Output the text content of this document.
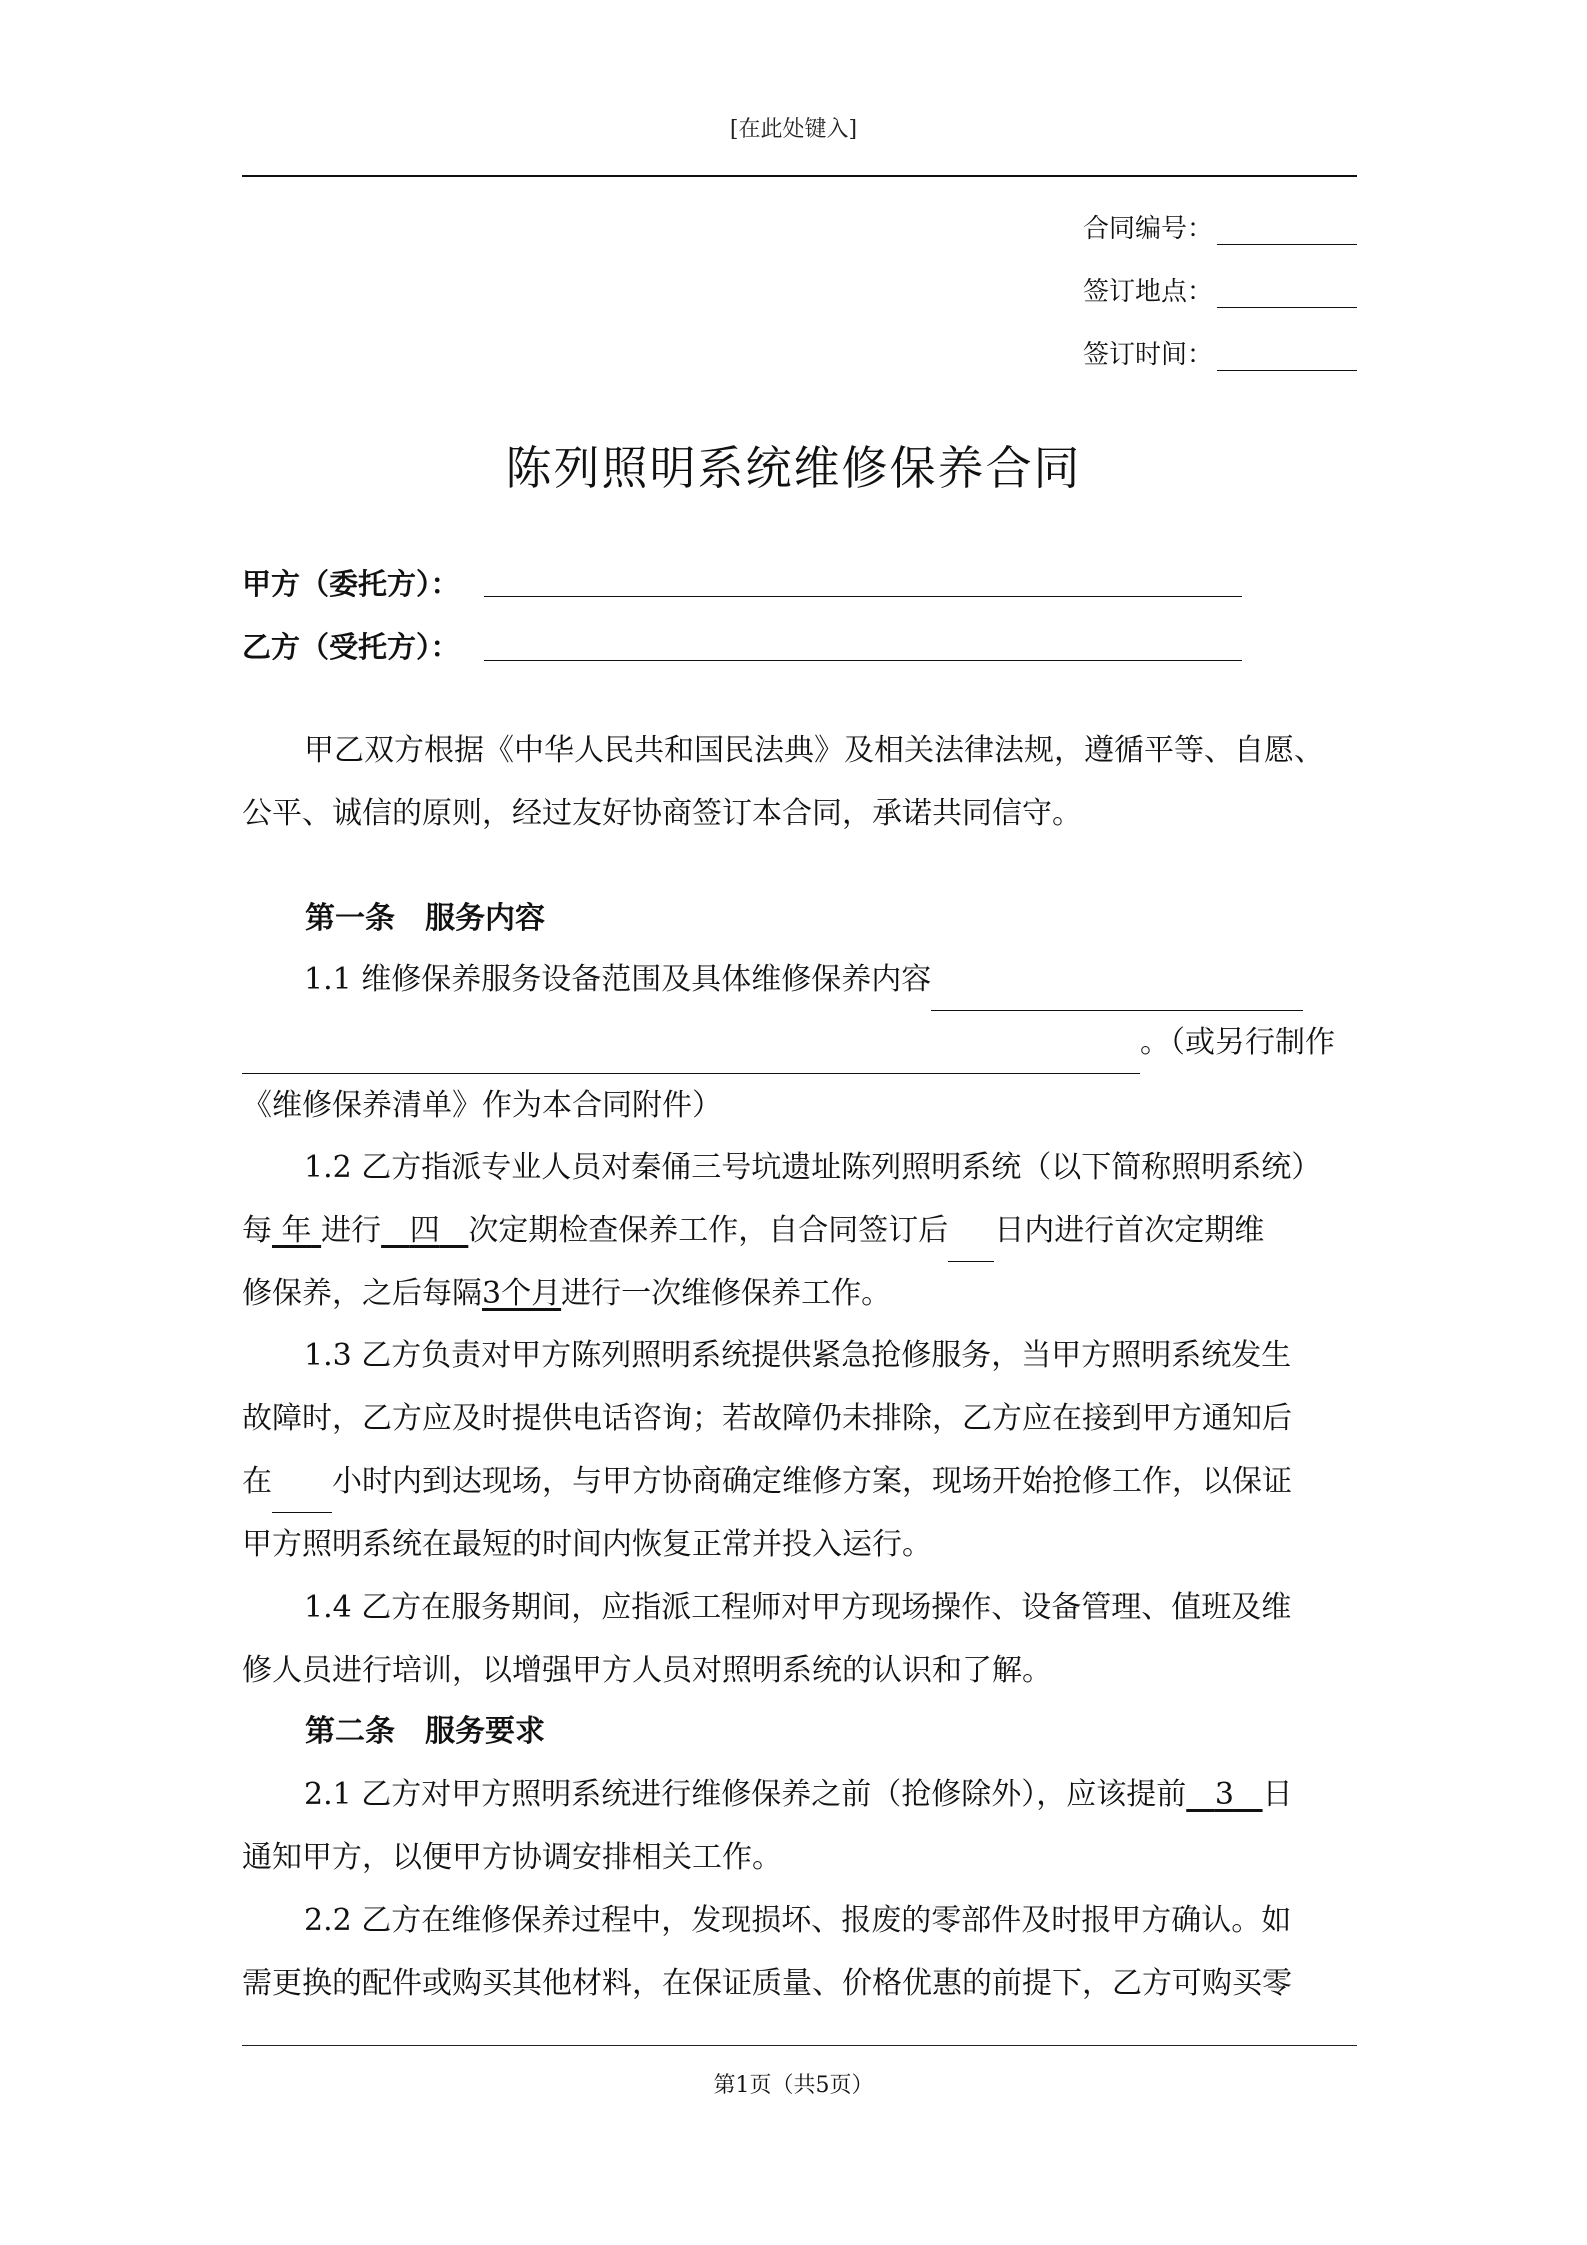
[在此处键入]
合同编号：
签订地点：
签订时间：
陈列照明系统维修保养合同
甲方（委托方）：
乙方（受托方）：
甲乙双方根据《中华人民共和国民法典》及相关法律法规，遵循平等、自愿、
公平、诚信的原则，经过友好协商签订本合同，承诺共同信守。
第一条　服务内容
1.1 维修保养服务设备范围及具体维修保养内容
。（或另行制作
《维修保养清单》作为本合同附件）
1.2 乙方指派专业人员对秦俑三号坑遗址陈列照明系统（以下简称照明系统）
每 年 进行 四 次定期检查保养工作，自合同签订后 日内进行首次定期维
修保养，之后每隔3个月进行一次维修保养工作。
1.3 乙方负责对甲方陈列照明系统提供紧急抢修服务，当甲方照明系统发生
故障时，乙方应及时提供电话咨询；若故障仍未排除，乙方应在接到甲方通知后
在 小时内到达现场，与甲方协商确定维修方案，现场开始抢修工作，以保证
甲方照明系统在最短的时间内恢复正常并投入运行。
1.4 乙方在服务期间，应指派工程师对甲方现场操作、设备管理、值班及维
修人员进行培训，以增强甲方人员对照明系统的认识和了解。
第二条　服务要求
2.1 乙方对甲方照明系统进行维修保养之前（抢修除外），应该提前 3 日
通知甲方，以便甲方协调安排相关工作。
2.2 乙方在维修保养过程中，发现损坏、报废的零部件及时报甲方确认。如
需更换的配件或购买其他材料，在保证质量、价格优惠的前提下，乙方可购买零
第1页（共5页）
